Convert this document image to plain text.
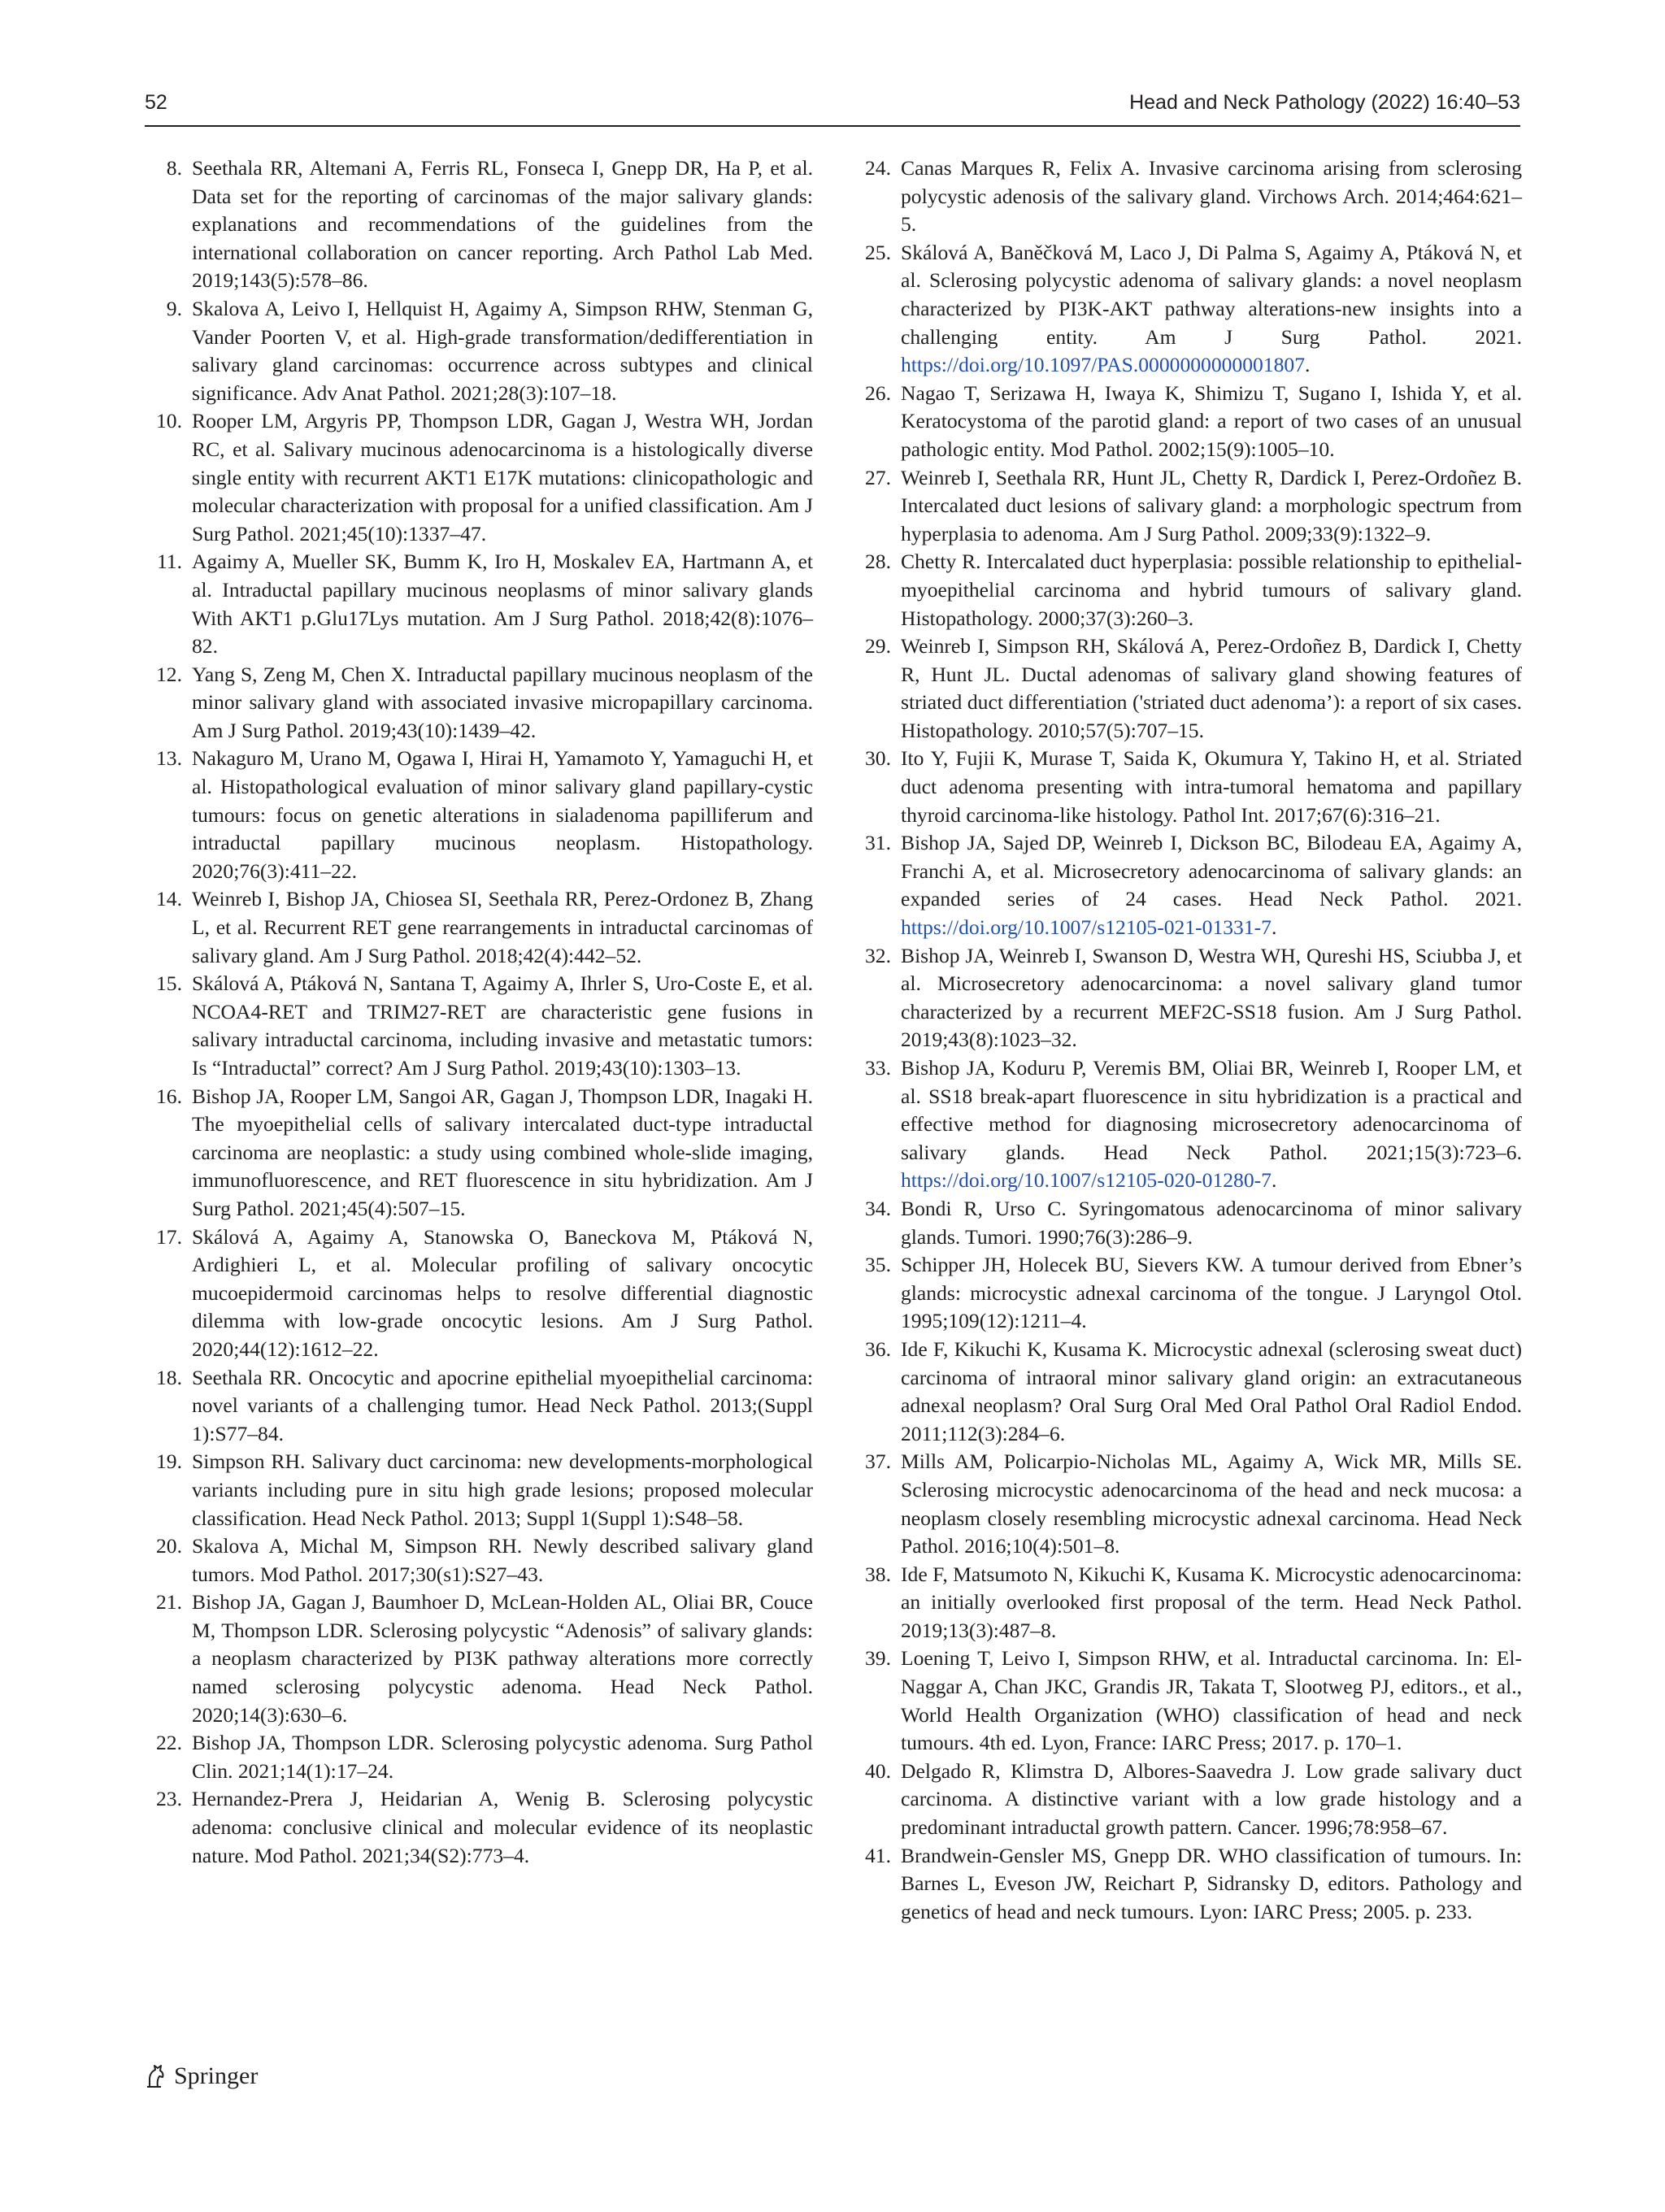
52	Head and Neck Pathology (2022) 16:40–53
8. Seethala RR, Altemani A, Ferris RL, Fonseca I, Gnepp DR, Ha P, et al. Data set for the reporting of carcinomas of the major salivary glands: explanations and recommendations of the guidelines from the international collaboration on cancer reporting. Arch Pathol Lab Med. 2019;143(5):578–86.
9. Skalova A, Leivo I, Hellquist H, Agaimy A, Simpson RHW, Stenman G, Vander Poorten V, et al. High-grade transformation/dedifferentiation in salivary gland carcinomas: occurrence across subtypes and clinical significance. Adv Anat Pathol. 2021;28(3):107–18.
10. Rooper LM, Argyris PP, Thompson LDR, Gagan J, Westra WH, Jordan RC, et al. Salivary mucinous adenocarcinoma is a histologically diverse single entity with recurrent AKT1 E17K mutations: clinicopathologic and molecular characterization with proposal for a unified classification. Am J Surg Pathol. 2021;45(10):1337–47.
11. Agaimy A, Mueller SK, Bumm K, Iro H, Moskalev EA, Hartmann A, et al. Intraductal papillary mucinous neoplasms of minor salivary glands With AKT1 p.Glu17Lys mutation. Am J Surg Pathol. 2018;42(8):1076–82.
12. Yang S, Zeng M, Chen X. Intraductal papillary mucinous neoplasm of the minor salivary gland with associated invasive micropapillary carcinoma. Am J Surg Pathol. 2019;43(10):1439–42.
13. Nakaguro M, Urano M, Ogawa I, Hirai H, Yamamoto Y, Yamaguchi H, et al. Histopathological evaluation of minor salivary gland papillary-cystic tumours: focus on genetic alterations in sialadenoma papilliferum and intraductal papillary mucinous neoplasm. Histopathology. 2020;76(3):411–22.
14. Weinreb I, Bishop JA, Chiosea SI, Seethala RR, Perez-Ordonez B, Zhang L, et al. Recurrent RET gene rearrangements in intraductal carcinomas of salivary gland. Am J Surg Pathol. 2018;42(4):442–52.
15. Skálová A, Ptáková N, Santana T, Agaimy A, Ihrler S, Uro-Coste E, et al. NCOA4-RET and TRIM27-RET are characteristic gene fusions in salivary intraductal carcinoma, including invasive and metastatic tumors: Is “Intraductal” correct? Am J Surg Pathol. 2019;43(10):1303–13.
16. Bishop JA, Rooper LM, Sangoi AR, Gagan J, Thompson LDR, Inagaki H. The myoepithelial cells of salivary intercalated duct-type intraductal carcinoma are neoplastic: a study using combined whole-slide imaging, immunofluorescence, and RET fluorescence in situ hybridization. Am J Surg Pathol. 2021;45(4):507–15.
17. Skálová A, Agaimy A, Stanowska O, Baneckova M, Ptáková N, Ardighieri L, et al. Molecular profiling of salivary oncocytic mucoepidermoid carcinomas helps to resolve differential diagnostic dilemma with low-grade oncocytic lesions. Am J Surg Pathol. 2020;44(12):1612–22.
18. Seethala RR. Oncocytic and apocrine epithelial myoepithelial carcinoma: novel variants of a challenging tumor. Head Neck Pathol. 2013;(Suppl 1):S77–84.
19. Simpson RH. Salivary duct carcinoma: new developments-morphological variants including pure in situ high grade lesions; proposed molecular classification. Head Neck Pathol. 2013; Suppl 1(Suppl 1):S48–58.
20. Skalova A, Michal M, Simpson RH. Newly described salivary gland tumors. Mod Pathol. 2017;30(s1):S27–43.
21. Bishop JA, Gagan J, Baumhoer D, McLean-Holden AL, Oliai BR, Couce M, Thompson LDR. Sclerosing polycystic “Adenosis” of salivary glands: a neoplasm characterized by PI3K pathway alterations more correctly named sclerosing polycystic adenoma. Head Neck Pathol. 2020;14(3):630–6.
22. Bishop JA, Thompson LDR. Sclerosing polycystic adenoma. Surg Pathol Clin. 2021;14(1):17–24.
23. Hernandez-Prera J, Heidarian A, Wenig B. Sclerosing polycystic adenoma: conclusive clinical and molecular evidence of its neoplastic nature. Mod Pathol. 2021;34(S2):773–4.
24. Canas Marques R, Felix A. Invasive carcinoma arising from sclerosing polycystic adenosis of the salivary gland. Virchows Arch. 2014;464:621–5.
25. Skálová A, Baněčková M, Laco J, Di Palma S, Agaimy A, Ptáková N, et al. Sclerosing polycystic adenoma of salivary glands: a novel neoplasm characterized by PI3K-AKT pathway alterations-new insights into a challenging entity. Am J Surg Pathol. 2021. https://doi.org/10.1097/PAS.0000000000001807.
26. Nagao T, Serizawa H, Iwaya K, Shimizu T, Sugano I, Ishida Y, et al. Keratocystoma of the parotid gland: a report of two cases of an unusual pathologic entity. Mod Pathol. 2002;15(9):1005–10.
27. Weinreb I, Seethala RR, Hunt JL, Chetty R, Dardick I, Perez-Ordoñez B. Intercalated duct lesions of salivary gland: a morphologic spectrum from hyperplasia to adenoma. Am J Surg Pathol. 2009;33(9):1322–9.
28. Chetty R. Intercalated duct hyperplasia: possible relationship to epithelial-myoepithelial carcinoma and hybrid tumours of salivary gland. Histopathology. 2000;37(3):260–3.
29. Weinreb I, Simpson RH, Skálová A, Perez-Ordoñez B, Dardick I, Chetty R, Hunt JL. Ductal adenomas of salivary gland showing features of striated duct differentiation ('striated duct adenoma’): a report of six cases. Histopathology. 2010;57(5):707–15.
30. Ito Y, Fujii K, Murase T, Saida K, Okumura Y, Takino H, et al. Striated duct adenoma presenting with intra-tumoral hematoma and papillary thyroid carcinoma-like histology. Pathol Int. 2017;67(6):316–21.
31. Bishop JA, Sajed DP, Weinreb I, Dickson BC, Bilodeau EA, Agaimy A, Franchi A, et al. Microsecretory adenocarcinoma of salivary glands: an expanded series of 24 cases. Head Neck Pathol. 2021. https://doi.org/10.1007/s12105-021-01331-7.
32. Bishop JA, Weinreb I, Swanson D, Westra WH, Qureshi HS, Sciubba J, et al. Microsecretory adenocarcinoma: a novel salivary gland tumor characterized by a recurrent MEF2C-SS18 fusion. Am J Surg Pathol. 2019;43(8):1023–32.
33. Bishop JA, Koduru P, Veremis BM, Oliai BR, Weinreb I, Rooper LM, et al. SS18 break-apart fluorescence in situ hybridization is a practical and effective method for diagnosing microsecretory adenocarcinoma of salivary glands. Head Neck Pathol. 2021;15(3):723–6. https://doi.org/10.1007/s12105-020-01280-7.
34. Bondi R, Urso C. Syringomatous adenocarcinoma of minor salivary glands. Tumori. 1990;76(3):286–9.
35. Schipper JH, Holecek BU, Sievers KW. A tumour derived from Ebner’s glands: microcystic adnexal carcinoma of the tongue. J Laryngol Otol. 1995;109(12):1211–4.
36. Ide F, Kikuchi K, Kusama K. Microcystic adnexal (sclerosing sweat duct) carcinoma of intraoral minor salivary gland origin: an extracutaneous adnexal neoplasm? Oral Surg Oral Med Oral Pathol Oral Radiol Endod. 2011;112(3):284–6.
37. Mills AM, Policarpio-Nicholas ML, Agaimy A, Wick MR, Mills SE. Sclerosing microcystic adenocarcinoma of the head and neck mucosa: a neoplasm closely resembling microcystic adnexal carcinoma. Head Neck Pathol. 2016;10(4):501–8.
38. Ide F, Matsumoto N, Kikuchi K, Kusama K. Microcystic adenocarcinoma: an initially overlooked first proposal of the term. Head Neck Pathol. 2019;13(3):487–8.
39. Loening T, Leivo I, Simpson RHW, et al. Intraductal carcinoma. In: El-Naggar A, Chan JKC, Grandis JR, Takata T, Slootweg PJ, editors., et al., World Health Organization (WHO) classification of head and neck tumours. 4th ed. Lyon, France: IARC Press; 2017. p. 170–1.
40. Delgado R, Klimstra D, Albores-Saavedra J. Low grade salivary duct carcinoma. A distinctive variant with a low grade histology and a predominant intraductal growth pattern. Cancer. 1996;78:958–67.
41. Brandwein-Gensler MS, Gnepp DR. WHO classification of tumours. In: Barnes L, Eveson JW, Reichart P, Sidransky D, editors. Pathology and genetics of head and neck tumours. Lyon: IARC Press; 2005. p. 233.
Springer
